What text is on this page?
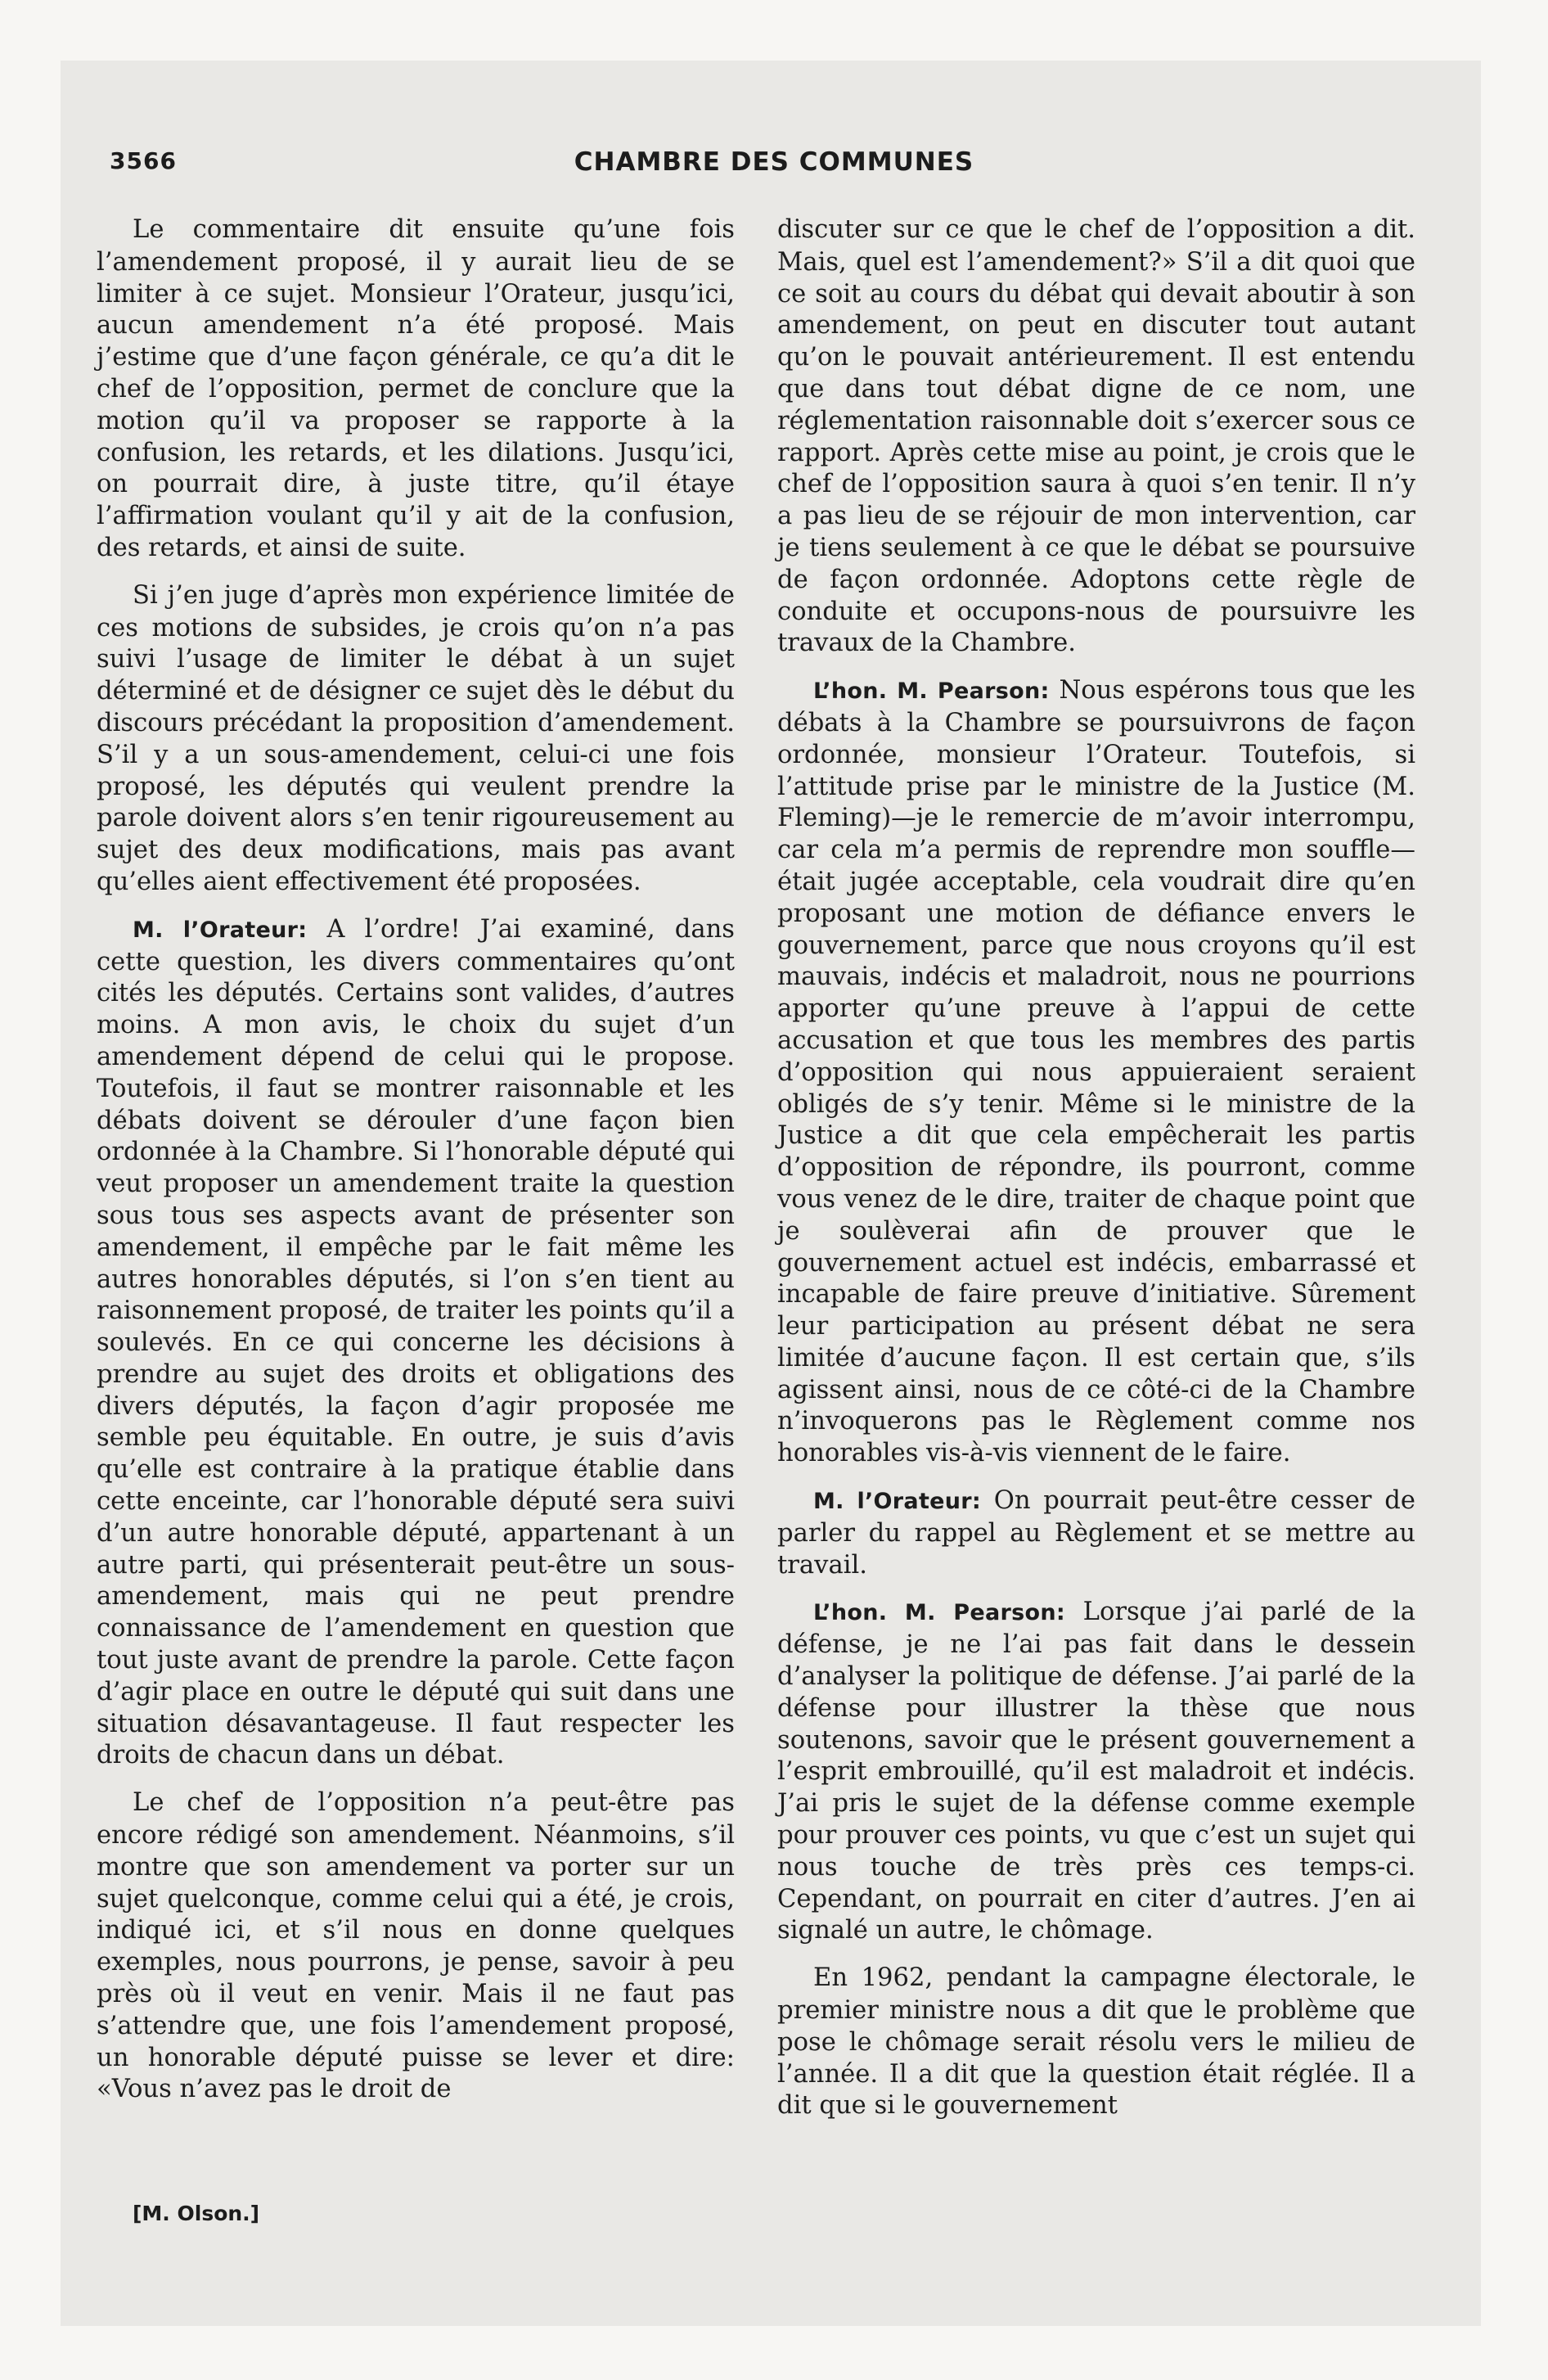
3566	CHAMBRE DES COMMUNES

Le commentaire dit ensuite qu’une fois l’amendement proposé, il y aurait lieu de se limiter à ce sujet. Monsieur l’Orateur, jusqu’ici, aucun amendement n’a été proposé. Mais j’estime que d’une façon générale, ce qu’a dit le chef de l’opposition, permet de conclure que la motion qu’il va proposer se rapporte à la confusion, les retards, et les dilations. Jusqu’ici, on pourrait dire, à juste titre, qu’il étaye l’affirmation voulant qu’il y ait de la confusion, des retards, et ainsi de suite.

Si j’en juge d’après mon expérience limitée de ces motions de subsides, je crois qu’on n’a pas suivi l’usage de limiter le débat à un sujet déterminé et de désigner ce sujet dès le début du discours précédant la proposition d’amendement. S’il y a un sous-amendement, celui-ci une fois proposé, les députés qui veulent prendre la parole doivent alors s’en tenir rigoureusement au sujet des deux modifications, mais pas avant qu’elles aient effectivement été proposées.

M. l’Orateur: A l’ordre! J’ai examiné, dans cette question, les divers commentaires qu’ont cités les députés. Certains sont valides, d’autres moins. A mon avis, le choix du sujet d’un amendement dépend de celui qui le propose. Toutefois, il faut se montrer raisonnable et les débats doivent se dérouler d’une façon bien ordonnée à la Chambre. Si l’honorable député qui veut proposer un amendement traite la question sous tous ses aspects avant de présenter son amendement, il empêche par le fait même les autres honorables députés, si l’on s’en tient au raisonnement proposé, de traiter les points qu’il a soulevés. En ce qui concerne les décisions à prendre au sujet des droits et obligations des divers députés, la façon d’agir proposée me semble peu équitable. En outre, je suis d’avis qu’elle est contraire à la pratique établie dans cette enceinte, car l’honorable député sera suivi d’un autre honorable député, appartenant à un autre parti, qui présenterait peut-être un sous-amendement, mais qui ne peut prendre connaissance de l’amendement en question que tout juste avant de prendre la parole. Cette façon d’agir place en outre le député qui suit dans une situation désavantageuse. Il faut respecter les droits de chacun dans un débat.

Le chef de l’opposition n’a peut-être pas encore rédigé son amendement. Néanmoins, s’il montre que son amendement va porter sur un sujet quelconque, comme celui qui a été, je crois, indiqué ici, et s’il nous en donne quelques exemples, nous pourrons, je pense, savoir à peu près où il veut en venir. Mais il ne faut pas s’attendre que, une fois l’amendement proposé, un honorable député puisse se lever et dire: «Vous n’avez pas le droit de

discuter sur ce que le chef de l’opposition a dit. Mais, quel est l’amendement?» S’il a dit quoi que ce soit au cours du débat qui devait aboutir à son amendement, on peut en discuter tout autant qu’on le pouvait antérieurement. Il est entendu que dans tout débat digne de ce nom, une réglementation raisonnable doit s’exercer sous ce rapport. Après cette mise au point, je crois que le chef de l’opposition saura à quoi s’en tenir. Il n’y a pas lieu de se réjouir de mon intervention, car je tiens seulement à ce que le débat se poursuive de façon ordonnée. Adoptons cette règle de conduite et occupons-nous de poursuivre les travaux de la Chambre.

L’hon. M. Pearson: Nous espérons tous que les débats à la Chambre se poursuivrons de façon ordonnée, monsieur l’Orateur. Toutefois, si l’attitude prise par le ministre de la Justice (M. Fleming)—je le remercie de m’avoir interrompu, car cela m’a permis de reprendre mon souffle—était jugée acceptable, cela voudrait dire qu’en proposant une motion de défiance envers le gouvernement, parce que nous croyons qu’il est mauvais, indécis et maladroit, nous ne pourrions apporter qu’une preuve à l’appui de cette accusation et que tous les membres des partis d’opposition qui nous appuieraient seraient obligés de s’y tenir. Même si le ministre de la Justice a dit que cela empêcherait les partis d’opposition de répondre, ils pourront, comme vous venez de le dire, traiter de chaque point que je soulèverai afin de prouver que le gouvernement actuel est indécis, embarrassé et incapable de faire preuve d’initiative. Sûrement leur participation au présent débat ne sera limitée d’aucune façon. Il est certain que, s’ils agissent ainsi, nous de ce côté-ci de la Chambre n’invoquerons pas le Règlement comme nos honorables vis-à-vis viennent de le faire.

M. l’Orateur: On pourrait peut-être cesser de parler du rappel au Règlement et se mettre au travail.

L’hon. M. Pearson: Lorsque j’ai parlé de la défense, je ne l’ai pas fait dans le dessein d’analyser la politique de défense. J’ai parlé de la défense pour illustrer la thèse que nous soutenons, savoir que le présent gouvernement a l’esprit embrouillé, qu’il est maladroit et indécis. J’ai pris le sujet de la défense comme exemple pour prouver ces points, vu que c’est un sujet qui nous touche de très près ces temps-ci. Cependant, on pourrait en citer d’autres. J’en ai signalé un autre, le chômage.

En 1962, pendant la campagne électorale, le premier ministre nous a dit que le problème que pose le chômage serait résolu vers le milieu de l’année. Il a dit que la question était réglée. Il a dit que si le gouvernement

[M. Olson.]
